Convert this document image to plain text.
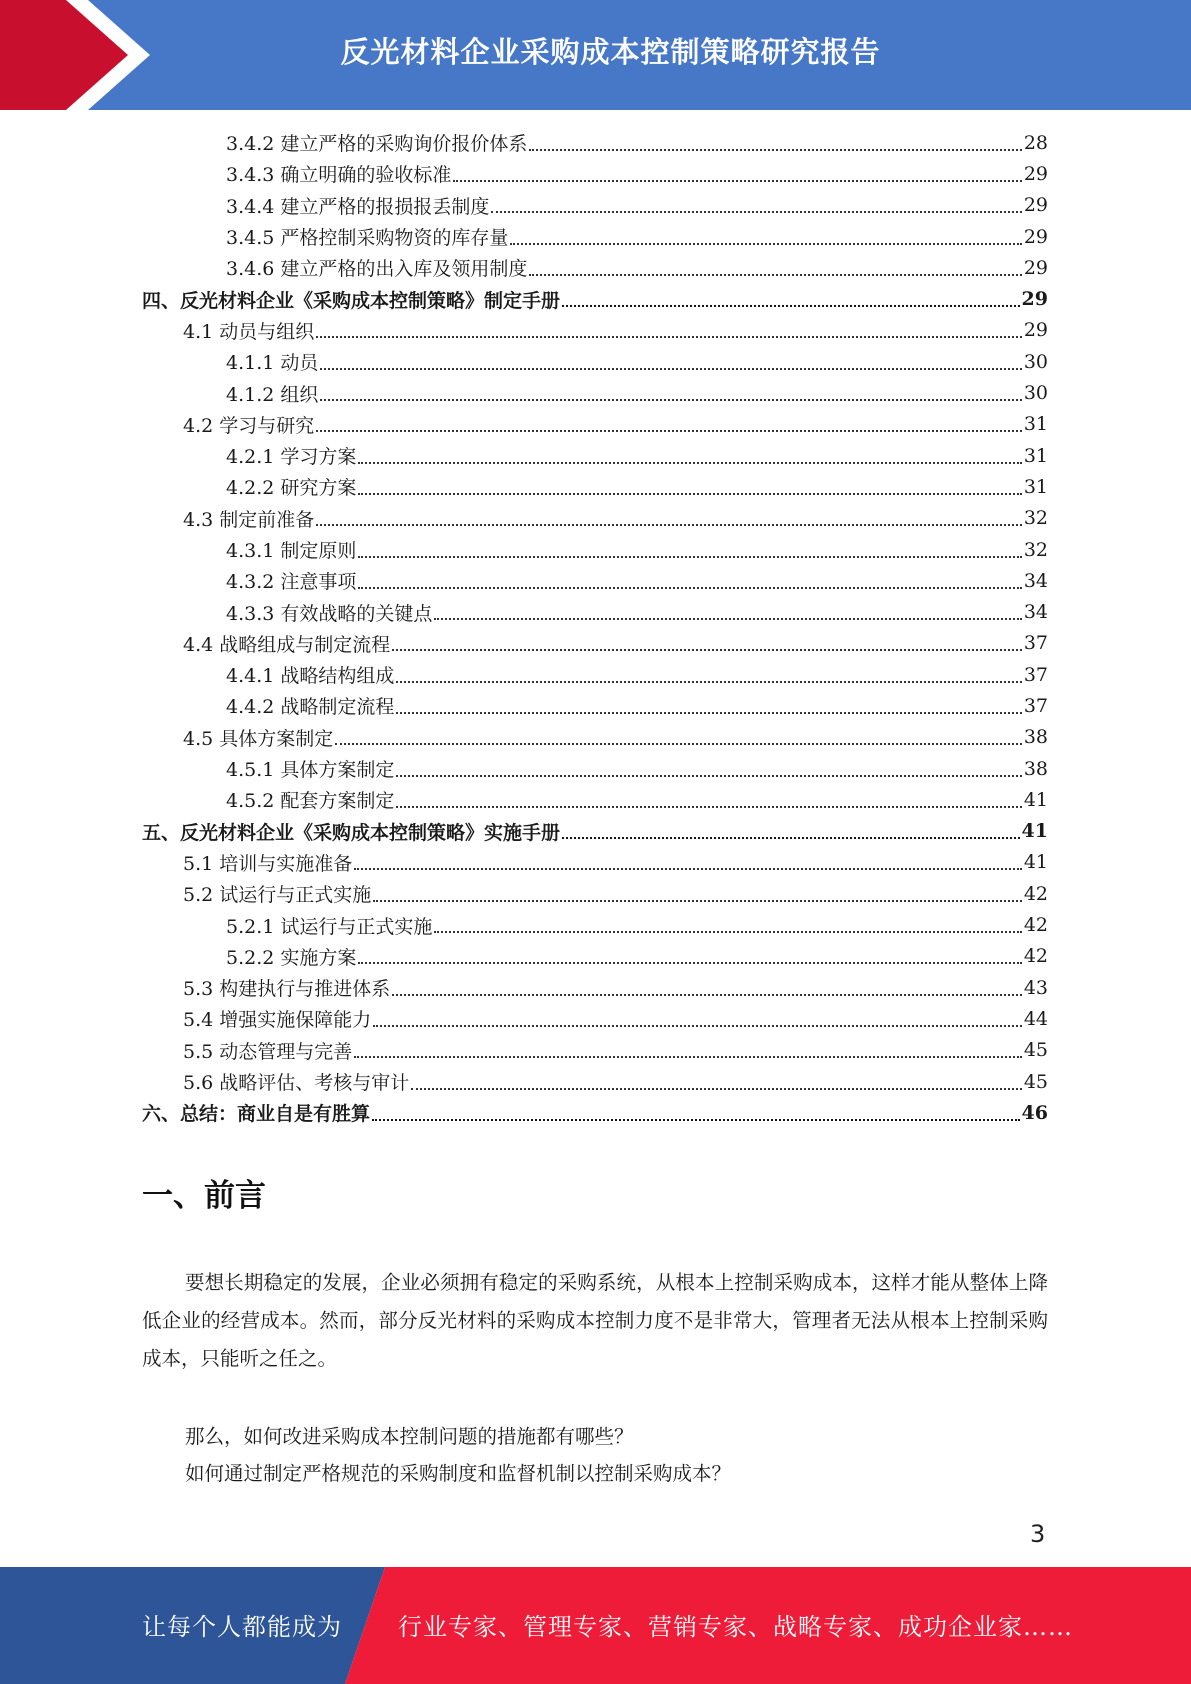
反光材料企业采购成本控制策略研究报告
3.4.2 建立严格的采购询价报价体系	28
3.4.3 确立明确的验收标准	29
3.4.4 建立严格的报损报丢制度	29
3.4.5 严格控制采购物资的库存量	29
3.4.6 建立严格的出入库及领用制度	29
四、反光材料企业《采购成本控制策略》制定手册	29
4.1 动员与组织	29
4.1.1 动员	30
4.1.2 组织	30
4.2 学习与研究	31
4.2.1 学习方案	31
4.2.2 研究方案	31
4.3 制定前准备	32
4.3.1 制定原则	32
4.3.2 注意事项	34
4.3.3 有效战略的关键点	34
4.4 战略组成与制定流程	37
4.4.1 战略结构组成	37
4.4.2 战略制定流程	37
4.5 具体方案制定	38
4.5.1 具体方案制定	38
4.5.2 配套方案制定	41
五、反光材料企业《采购成本控制策略》实施手册	41
5.1 培训与实施准备	41
5.2 试运行与正式实施	42
5.2.1 试运行与正式实施	42
5.2.2 实施方案	42
5.3 构建执行与推进体系	43
5.4 增强实施保障能力	44
5.5 动态管理与完善	45
5.6 战略评估、考核与审计	45
六、总结：商业自是有胜算	46
一、前言
要想长期稳定的发展，企业必须拥有稳定的采购系统，从根本上控制采购成本，这样才能从整体上降低企业的经营成本。然而，部分反光材料的采购成本控制力度不是非常大，管理者无法从根本上控制采购成本，只能听之任之。
那么，如何改进采购成本控制问题的措施都有哪些？
如何通过制定严格规范的采购制度和监督机制以控制采购成本？
3
让每个人都能成为 行业专家、管理专家、营销专家、战略专家、成功企业家……
